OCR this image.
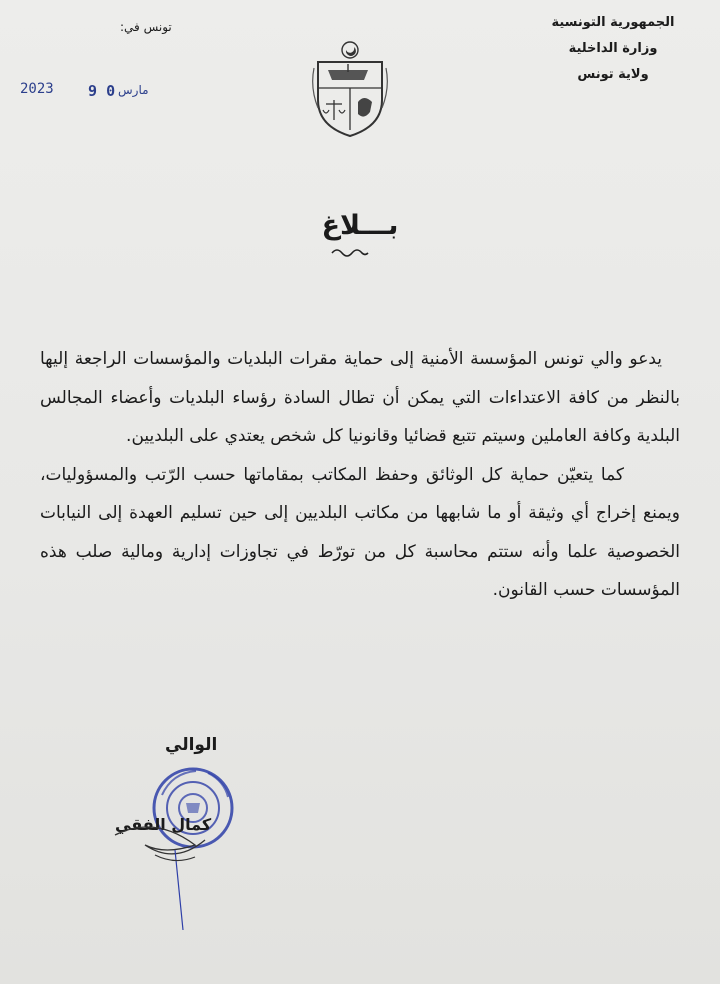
الجمهورية التونسية
وزارة الداخلية
ولاية تونس
تونس في:
0 9 مارس
2023
بـــلاغ

يدعو والي تونس المؤسسة الأمنية إلى حماية مقرات البلديات والمؤسسات الراجعة إليها بالنظر من كافة الاعتداءات التي يمكن أن تطال السادة رؤساء البلديات وأعضاء المجالس البلدية وكافة العاملين وسيتم تتبع قضائيا وقانونيا كل شخص يعتدي على البلديين.

كما يتعيّن حماية كل الوثائق وحفظ المكاتب بمقاماتها حسب الرّتب والمسؤوليات، ويمنع إخراج أي وثيقة أو ما شابهها من مكاتب البلديين إلى حين تسليم العهدة إلى النيابات الخصوصية علما وأنه ستتم محاسبة كل من تورّط في تجاوزات إدارية ومالية صلب هذه المؤسسات حسب القانون.

الوالي
كمال الفقي
